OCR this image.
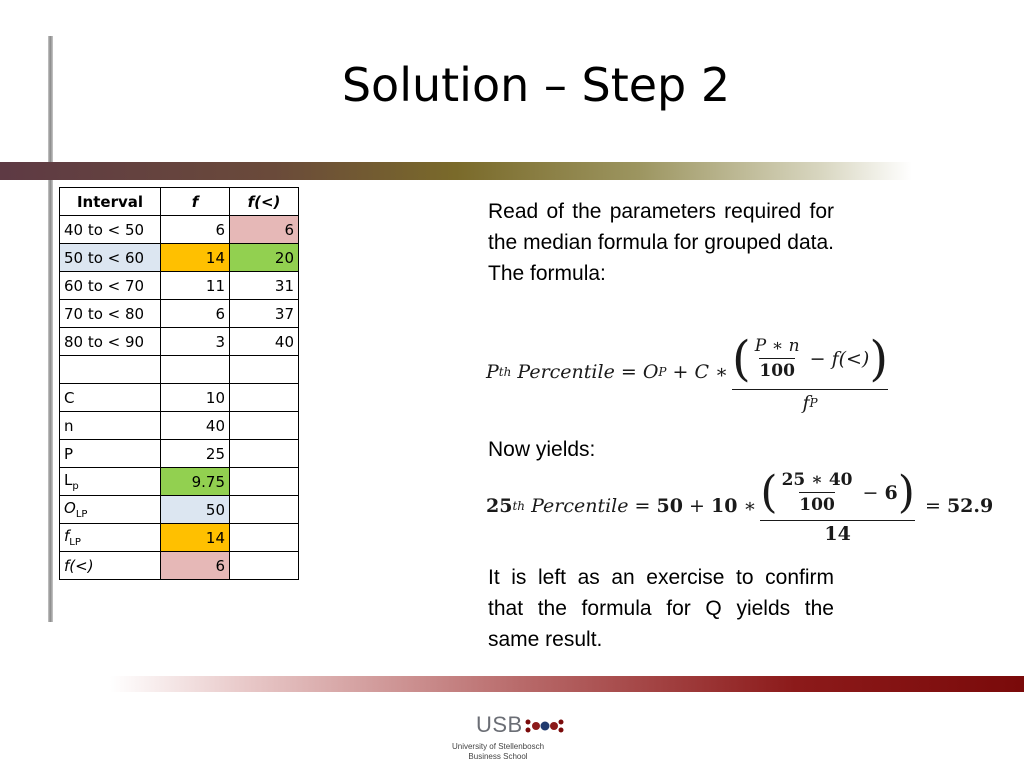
Solution – Step 2
Interval	f	f(<)
40 to < 50	6	6
50 to < 60	14	20
60 to < 70	11	31
70 to < 80	6	37
80 to < 90	3	40

C	10	
n	40	
P	25	
$L_p$	9.75	
$O_{LP}$	50	
$f_{LP}$	14	
f(<)	6	

Read of the parameters required for the median formula for grouped data. The formula:

P th
Percentile
=
O P
+
C
∗ ( P
∗
n
100
−
f(<) )
f P

Now yields:

25 th
Percentile
=
50
+
10
∗ ( 25
∗
40
100
−
6 )
14

=
52.9

It is left as an exercise to confirm that the formula for Q yields the same result.

USB
University of Stellenbosch
Business School
